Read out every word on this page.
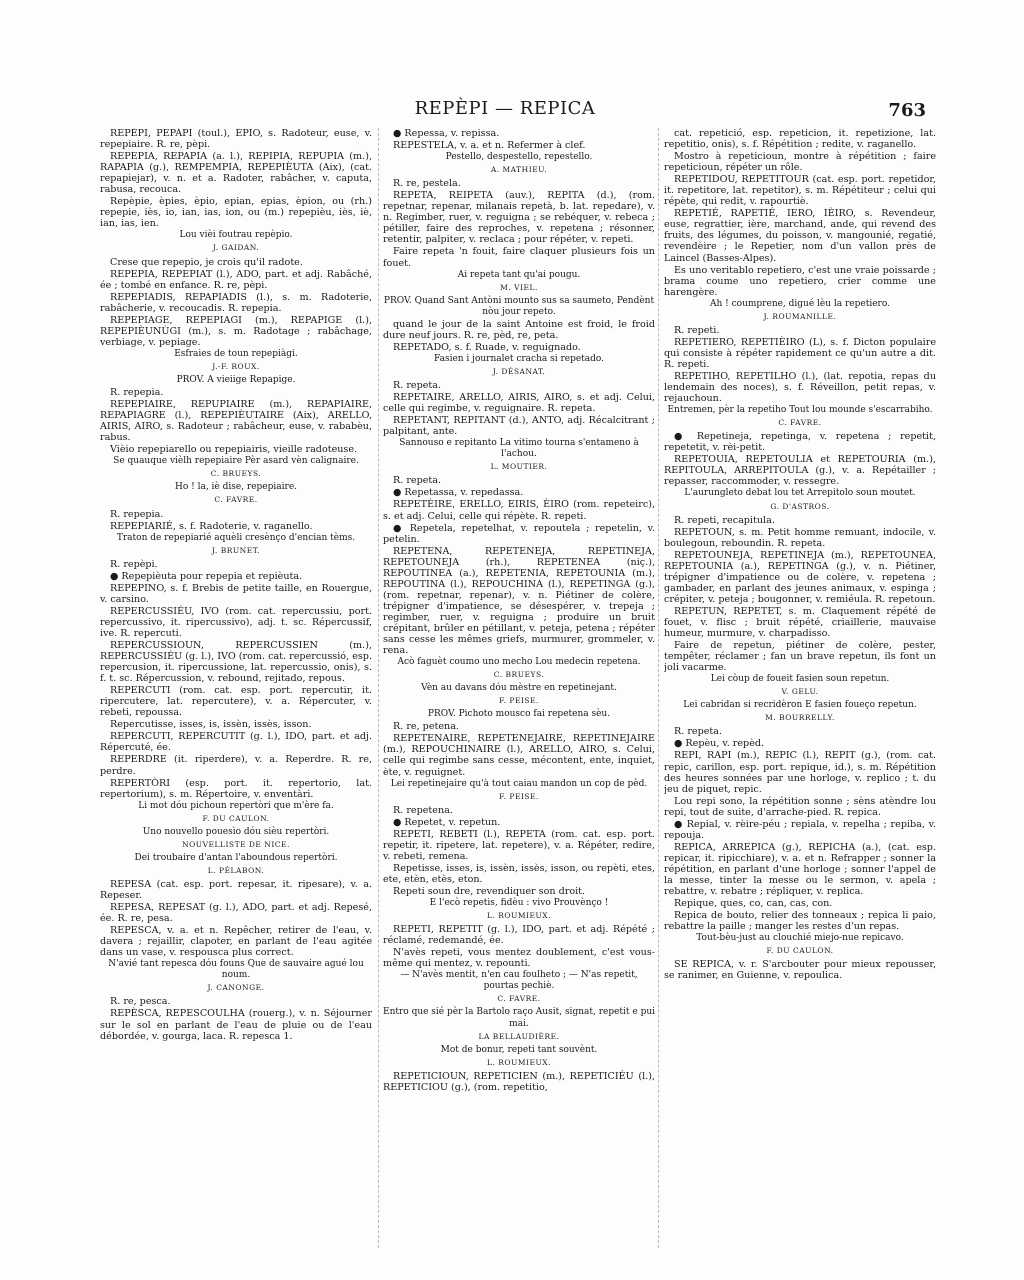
REPÈPI — REPICA	763
REPÈPI, PEPÀPI (toul.), ÈPIO, s. Radoteur, euse, v. repepiaire. R. re, pèpi.
REPEPIA, REPAPIA (a. l.), REPIPIA, REPUPIA (m.), RAPAPIA (g.), REMPEMPIA, REPEPIÈUTA (Aix), (cat. repapiejar), v. n. et a. Radoter, rabâcher, v. caputa, rabusa, recouca.
Repèpie, èpies, èpio, epian, epias, èpion, ou (rh.) repepie, iès, io, ian, ias, ion, ou (m.) repepièu, iès, iè, ian, ias, ien.
Lou vièi foutrau repèpio.
J. GAIDAN.
Crese que repepio, je crois qu'il radote.
REPEPIA, REPEPIAT (l.), ADO, part. et adj. Rabâché, ée ; tombé en enfance. R. re, pèpi.
REPEPIADIS, REPAPIADIS (l.), s. m. Radoterie, rabâcherie, v. recoucadis. R. repepia.
REPEPIAGE, REPEPIAGI (m.), REPAPIGE (l.), REPEPIÈUNÙGI (m.), s. m. Radotage ; rabâchage, verbiage, v. pepiage.
Esfraies de toun repepiàgi.
J.-F. ROUX.
PROV. A vieiige Repapige.
R. repepia.
REPEPIAIRE, REPUPIAIRE (m.), REPAPIAIRE, REPAPIAGRE (l.), REPEPIÈUTAIRE (Aix), ARELLO, AIRIS, AIRO, s. Radoteur ; rabâcheur, euse, v. rababèu, rabus.
Vièio repepiarello ou repepiairis, vieille radoteuse.
Se quauque vièlh repepiaire Pèr asard vèn calignaire.
C. BRUEYS.
Ho ! la, iè dise, repepiaire.
C. FAVRE.
R. repepia.
REPEPIARIÉ, s. f. Radoterie, v. raganello.
Traton de repepiarié aquèli cresènço d'encian tèms.
J. BRUNET.
R. repèpi.
● Repepièuta pour repepia et repièuta.
REPEPINO, s. f. Brebis de petite taille, en Rouergue, v. carsino.
REPERCUSSIÉU, IVO (rom. cat. repercussiu, port. repercussivo, it. ripercussivo), adj. t. sc. Répercussif, ive. R. repercuti.
REPERCUSSIOUN, REPERCUSSIEN (m.), REPERCUSSIÉU (g. l.), IVO (rom. cat. repercussió, esp. repercusion, it. ripercussione, lat. repercussio, onis), s. f. t. sc. Répercussion, v. rebound, rejitado, repous.
REPERCUTI (rom. cat. esp. port. repercutir, it. ripercutere, lat. repercutere), v. a. Répercuter, v. rebeti, repoussa.
Repercutisse, isses, is, issèn, issès, isson.
REPERCUTI, REPERCUTIT (g. l.), IDO, part. et adj. Répercuté, ée.
REPERDRE (it. riperdere), v. a. Reperdre. R. re, perdre.
REPERTÒRI (esp. port. it. repertorio, lat. repertorium), s. m. Répertoire, v. enventàri.
Li mot dóu pichoun repertòri que m'ère fa.
F. DU CAULON.
Uno nouvello pouesìo dóu sièu repertòri.
NOUVELLISTE DE NICE.
Dei troubaire d'antan l'aboundous repertòri.
L. PÉLABON.
REPESA (cat. esp. port. repesar, it. ripesare), v. a. Repeser.
REPESA, REPESAT (g. l.), ADO, part. et adj. Repesé, ée. R. re, pesa.
REPESCA, v. a. et n. Repêcher, retirer de l'eau, v. davera ; rejaillir, clapoter, en parlant de l'eau agitée dans un vase, v. respousca plus correct.
N'avié tant repesca dóu founs Que de sauvaire agué lou noum.
J. CANONGE.
R. re, pesca.
REPÈSCA, REPESCOULHA (rouerg.), v. n. Séjourner sur le sol en parlant de l'eau de pluie ou de l'eau débordée, v. gourga, laca. R. repesca 1.
● Repessa, v. repissa.
REPESTELA, v. a. et n. Refermer à clef.
Pestello, despestello, repestello.
A. MATHIEU.
R. re, pestela.
REPETA, REIPETA (auv.), REPITA (d.), (rom. repetnar, repenar, milanais repetà, b. lat. repedare), v. n. Regimber, ruer, v. reguigna ; se rebéquer, v. rebeca ; pétiller, faire des reproches, v. repetena ; résonner, retentir, palpiter, v. reclaca ; pour répéter, v. repeti.
Faire repeta 'n fouit, faire claquer plusieurs fois un fouet.
Ai repeta tant qu'ai pougu.
M. VIEL.
PROV. Quand Sant Antòni mounto sus sa saumeto, Pendènt nòu jour repeto.
quand le jour de la saint Antoine est froid, le froid dure neuf jours. R. re, pèd, re, peta.
REPETADO, s. f. Ruade, v. reguignado.
Fasien i journalet cracha si repetado.
J. DÉSANAT.
R. repeta.
REPETAIRE, ARELLO, AIRIS, AIRO, s. et adj. Celui, celle qui regimbe, v. reguignaire. R. repeta.
REPETANT, REPITANT (d.), ANTO, adj. Récalcitrant ; palpitant, ante.
Sannouso e repitanto La vitimo tourna s'entameno à l'achou.
L. MOUTIER.
R. repeta.
● Repetassa, v. repedassa.
REPETÈIRE, ERELLO, EIRIS, ÈIRO (rom. repeteirc), s. et adj. Celui, celle qui répète. R. repeti.
● Repetela, repetelhat, v. repoutela ; repetelin, v. petelin.
REPETENA, REPETENEJA, REPETINEJA, REPETOUNEJA (rh.), REPETENEA (niç.), REPOUTINEA (a.), REPETENIA, REPETOUNIA (m.), REPOUTINA (l.), REPOUCHINA (l.), REPETINGA (g.), (rom. repetnar, repenar), v. n. Piétiner de colère, trépigner d'impatience, se désespérer, v. trepeja ; regimber, ruer, v. reguigna ; produire un bruit crépitant, brûler en pétillant, v. peteja, petena ; répéter sans cesse les mêmes griefs, murmurer, grommeler, v. rena.
Acò faguèt coumo uno mecho Lou medecin repetena.
C. BRUEYS.
Vèn au davans dóu mèstre en repetinejant.
F. PEISE.
PROV. Pichoto mousco fai repetena sèu.
R. re, petena.
REPETENAIRE, REPETENEJAIRE, REPETINEJAIRE (m.), REPOUCHINAIRE (l.), ARELLO, AIRO, s. Celui, celle qui regimbe sans cesse, mécontent, ente, inquiet, ète, v. reguignet.
Lei repetinejaire qu'à tout caiau mandon un cop de pèd.
F. PEISE.
R. repetena.
● Repetet, v. repetun.
REPETI, REBETI (l.), REPETA (rom. cat. esp. port. repetir, it. ripetere, lat. repetere), v. a. Répéter, redire, v. rebeti, remena.
Repetisse, isses, is, issèn, issès, isson, ou repèti, etes, ete, etèn, etès, eton.
Repeti soun dre, revendiquer son droit.
E l'ecò repetis, fidèu : vivo Prouvènço !
L. ROUMIEUX.
REPETI, REPETIT (g. l.), IDO, part. et adj. Répété ; réclamé, redemandé, ée.
N'avès repeti, vous mentez doublement, c'est vous-même qui mentez, v. repounti.
— N'avès mentit, n'en cau foulheto ; — N'as repetit, pourtas pechiè.
C. FAVRE.
Entro que sié pèr la Bartolo raço Ausit, signat, repetit e pui mai.
LA BELLAUDIÈRE.
Mot de bonur, repeti tant souvènt.
L. ROUMIEUX.
REPETICIOUN, REPETICIEN (m.), REPETICIÉU (l.), REPETICIOU (g.), (rom. repetitio,
cat. repetició, esp. repeticion, it. repetizione, lat. repetitio, onis), s. f. Répétition ; redite, v. raganello.
Mostro à repeticioun, montre à répétition ; faire repeticioun, répéter un rôle.
REPETIDOU, REPETITOUR (cat. esp. port. repetidor, it. repetitore, lat. repetitor), s. m. Répétiteur ; celui qui répète, qui redit, v. rapourtiè.
REPETIÉ, RAPETIÉ, IERO, IÈIRO, s. Revendeur, euse, regrattier, ière, marchand, ande, qui revend des fruits, des légumes, du poisson, v. mangounié, regatié, revendèire ; le Repetier, nom d'un vallon près de Laincel (Basses-Alpes).
Es uno veritablo repetiero, c'est une vraie poissarde ; brama coume uno repetiero, crier comme une harengère.
Ah ! coumprene, digué lèu la repetiero.
J. ROUMANILLE.
R. repeti.
REPETIERO, REPETIÈIRO (L), s. f. Dicton populaire qui consiste à répéter rapidement ce qu'un autre a dit. R. repeti.
REPETIHO, REPETILHO (l.), (lat. repotia, repas du lendemain des noces), s. f. Réveillon, petit repas, v. rejauchoun.
Entremen, pèr la repetiho Tout lou mounde s'escarrabiho.
C. FAVRE.
● Repetineja, repetinga, v. repetena ; repetit, repetetit, v. rèi-petit.
REPETOUIA, REPETOULIA et REPETOURIA (m.), REPITOULA, ARREPITOULA (g.), v. a. Repétailler ; repasser, raccommoder, v. ressegre.
L'aurungleto debat lou tet Arrepitolo soun moutet.
G. D'ASTROS.
R. repeti, recapitula.
REPETOUN, s. m. Petit homme remuant, indocile, v. boulegoun, reboundin. R. repeta.
REPETOUNEJA, REPETINEJA (m.), REPETOUNEA, REPETOUNIA (a.), REPETINGA (g.), v. n. Piétiner, trépigner d'impatience ou de colère, v. repetena ; gambader, en parlant des jeunes animaux, v. espinga ; crépiter, v. peteja ; bougonner, v. remiéula. R. repetoun.
REPETUN, REPETET, s. m. Claquement répété de fouet, v. flisc ; bruit répété, criaillerie, mauvaise humeur, murmure, v. charpadisso.
Faire de repetun, piétiner de colère, pester, tempêter, réclamer ; fan un brave repetun, ils font un joli vacarme.
Lei còup de foueit fasien soun repetun.
V. GELU.
Lei cabridan si recridèron E fasien foueço repetun.
M. BOURRELLY.
R. repeta.
● Repèu, v. repèd.
REPI, RAPI (m.), REPIC (l.), REPIT (g.), (rom. cat. repic, carillon, esp. port. repique, id.), s. m. Répétition des heures sonnées par une horloge, v. replico ; t. du jeu de piquet, repic.
Lou repi sono, la répétition sonne ; sèns atèndre lou repi, tout de suite, d'arrache-pied. R. repica.
● Repial, v. rèire-péu ; repiala, v. repelha ; repiba, v. repouja.
REPICA, ARREPICA (g.), REPICHA (a.), (cat. esp. repicar, it. ripicchiare), v. a. et n. Refrapper ; sonner la répétition, en parlant d'une horloge ; sonner l'appel de la messe, tinter la messe ou le sermon, v. apela ; rebattre, v. rebatre ; répliquer, v. replica.
Repique, ques, co, can, cas, con.
Repica de bouto, relier des tonneaux ; repica li paio, rebattre la paille ; manger les restes d'un repas.
Tout-bèu-just au clouchié miejo-nue repicavo.
F. DU CAULON.
SE REPICA, v. r. S'arcbouter pour mieux repousser, se ranimer, en Guienne, v. repoulica.
